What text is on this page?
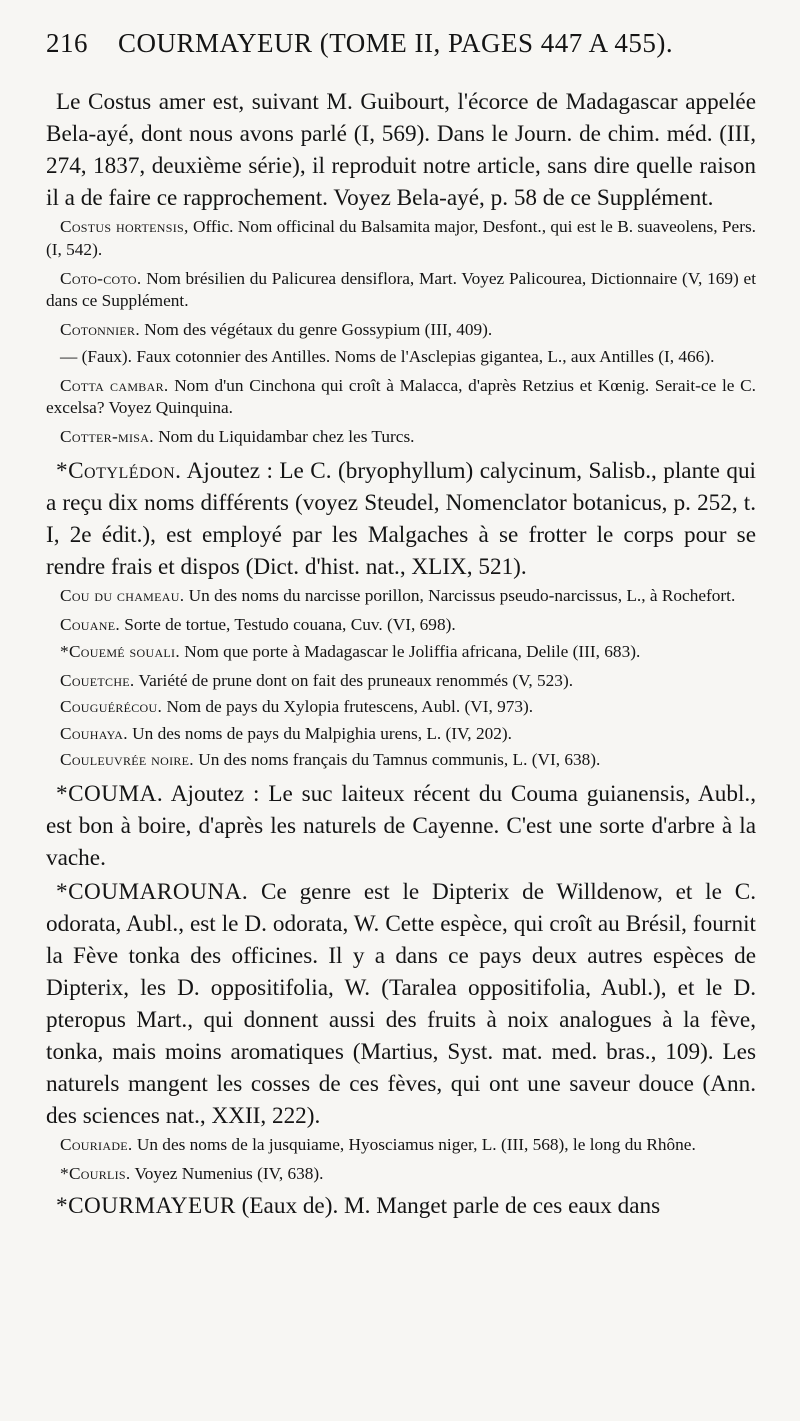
216	COURMAYEUR (TOME II, PAGES 447 A 455).

Le Costus amer est, suivant M. Guibourt, l'écorce de Madagascar appelée Bela-ayé, dont nous avons parlé (I, 569). Dans le Journ. de chim. méd. (III, 274, 1837, deuxième série), il reproduit notre article, sans dire quelle raison il a de faire ce rapprochement. Voyez Bela-ayé, p. 58 de ce Supplément.

Costus hortensis, Offic. Nom officinal du Balsamita major, Desfont., qui est le B. suaveolens, Pers. (I, 542).

Coto-coto. Nom brésilien du Palicurea densiflora, Mart. Voyez Palicourea, Dictionnaire (V, 169) et dans ce Supplément.

Cotonnier. Nom des végétaux du genre Gossypium (III, 409).

— (Faux). Faux cotonnier des Antilles. Noms de l'Asclepias gigantea, L., aux Antilles (I, 466).

Cotta cambar. Nom d'un Cinchona qui croît à Malacca, d'après Retzius et Kœnig. Serait-ce le C. excelsa? Voyez Quinquina.

Cotter-misa. Nom du Liquidambar chez les Turcs.

*Cotylédon. Ajoutez : Le C. (bryophyllum) calycinum, Salisb., plante qui a reçu dix noms différents (voyez Steudel, Nomenclator botanicus, p. 252, t. I, 2e édit.), est employé par les Malgaches à se frotter le corps pour se rendre frais et dispos (Dict. d'hist. nat., XLIX, 521).

Cou du chameau. Un des noms du narcisse porillon, Narcissus pseudo-narcissus, L., à Rochefort.

Couane. Sorte de tortue, Testudo couana, Cuv. (VI, 698).

*Couemé souali. Nom que porte à Madagascar le Joliffia africana, Delile (III, 683).

Couetche. Variété de prune dont on fait des pruneaux renommés (V, 523).

Couguérécou. Nom de pays du Xylopia frutescens, Aubl. (VI, 973).

Couhaya. Un des noms de pays du Malpighia urens, L. (IV, 202).

Couleuvrée noire. Un des noms français du Tamnus communis, L. (VI, 638).

*COUMA. Ajoutez : Le suc laiteux récent du Couma guianensis, Aubl., est bon à boire, d'après les naturels de Cayenne. C'est une sorte d'arbre à la vache.

*COUMAROUNA. Ce genre est le Dipterix de Willdenow, et le C. odorata, Aubl., est le D. odorata, W. Cette espèce, qui croît au Brésil, fournit la Fève tonka des officines. Il y a dans ce pays deux autres espèces de Dipterix, les D. oppositifolia, W. (Taralea oppositifolia, Aubl.), et le D. pteropus Mart., qui donnent aussi des fruits à noix analogues à la fève, tonka, mais moins aromatiques (Martius, Syst. mat. med. bras., 109). Les naturels mangent les cosses de ces fèves, qui ont une saveur douce (Ann. des sciences nat., XXII, 222).

Couriade. Un des noms de la jusquiame, Hyosciamus niger, L. (III, 568), le long du Rhône.

*Courlis. Voyez Numenius (IV, 638).

*COURMAYEUR (Eaux de). M. Manget parle de ces eaux dans
